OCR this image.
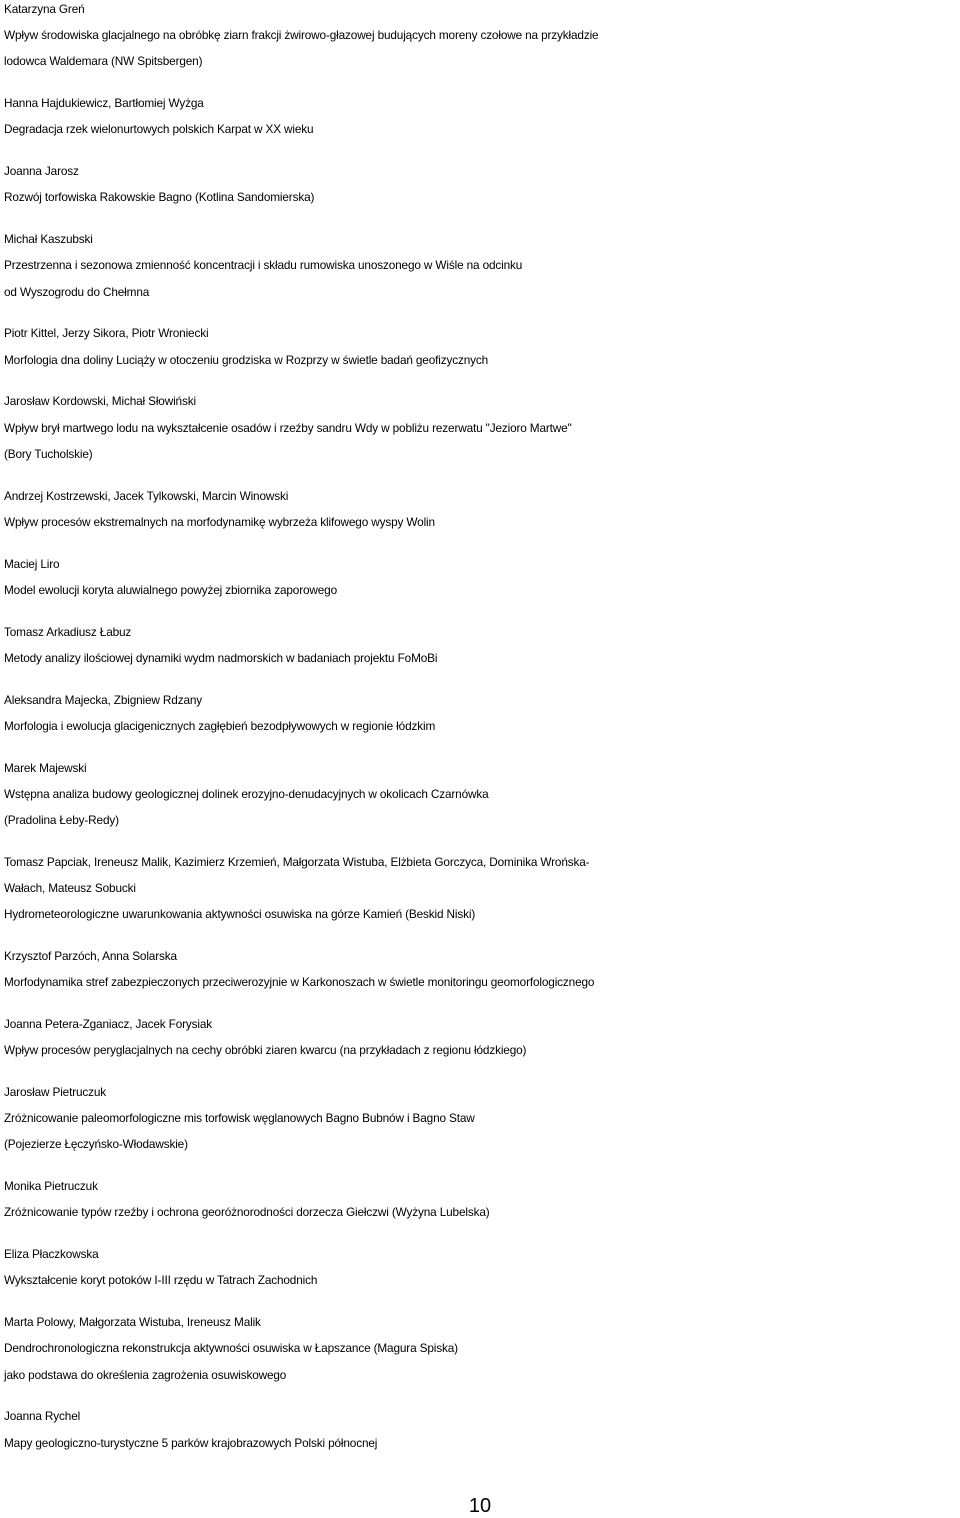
Katarzyna Greń
Wpływ środowiska glacjalnego na obróbkę ziarn frakcji żwirowo-głazowej budujących moreny czołowe na przykładzie
lodowca Waldemara (NW Spitsbergen)
Hanna Hajdukiewicz, Bartłomiej Wyżga
Degradacja rzek wielonurtowych polskich Karpat w XX wieku
Joanna Jarosz
Rozwój torfowiska Rakowskie Bagno (Kotlina Sandomierska)
Michał Kaszubski
Przestrzenna i sezonowa zmienność koncentracji i składu rumowiska unoszonego w Wiśle na odcinku
od Wyszogrodu do Chełmna
Piotr Kittel, Jerzy Sikora, Piotr Wroniecki
Morfologia dna doliny Luciąży w otoczeniu grodziska w Rozprzy w świetle badań geofizycznych
Jarosław Kordowski, Michał Słowiński
Wpływ brył martwego lodu na wykształcenie osadów i rzeźby sandru Wdy w pobliżu rezerwatu "Jezioro Martwe"
(Bory Tucholskie)
Andrzej Kostrzewski, Jacek Tylkowski, Marcin Winowski
Wpływ procesów ekstremalnych na morfodynamikę wybrzeża klifowego wyspy Wolin
Maciej Liro
Model ewolucji koryta aluwialnego powyżej zbiornika zaporowego
Tomasz Arkadiusz Łabuz
Metody analizy ilościowej dynamiki wydm nadmorskich w badaniach projektu FoMoBi
Aleksandra Majecka, Zbigniew Rdzany
Morfologia i ewolucja glacigenicznych zagłębień bezodpływowych w regionie łódzkim
Marek Majewski
Wstępna analiza budowy geologicznej dolinek erozyjno-denudacyjnych w okolicach Czarnówka
(Pradolina Łeby-Redy)
Tomasz Papciak, Ireneusz Malik, Kazimierz Krzemień, Małgorzata Wistuba, Elżbieta Gorczyca, Dominika Wrońska-
Wałach, Mateusz Sobucki
Hydrometeorologiczne uwarunkowania aktywności osuwiska na górze Kamień (Beskid Niski)
Krzysztof Parzóch, Anna Solarska
Morfodynamika stref zabezpieczonych przeciwerozyjnie w Karkonoszach w świetle monitoringu geomorfologicznego
Joanna Petera-Zganiacz, Jacek Forysiak
Wpływ procesów peryglacjalnych na cechy obróbki ziaren kwarcu (na przykładach z regionu łódzkiego)
Jarosław Pietruczuk
Zróżnicowanie paleomorfologiczne mis torfowisk węglanowych Bagno Bubnów i Bagno Staw
(Pojezierze Łęczyńsko-Włodawskie)
Monika Pietruczuk
Zróżnicowanie typów rzeźby i ochrona georóżnorodności dorzecza Giełczwi (Wyżyna Lubelska)
Eliza Płaczkowska
Wykształcenie koryt potoków I-III rzędu w Tatrach Zachodnich
Marta Polowy, Małgorzata Wistuba, Ireneusz Malik
Dendrochronologiczna rekonstrukcja aktywności osuwiska w Łapszance (Magura Spiska)
jako podstawa do określenia zagrożenia osuwiskowego
Joanna Rychel
Mapy geologiczno-turystyczne 5 parków krajobrazowych Polski północnej
10
